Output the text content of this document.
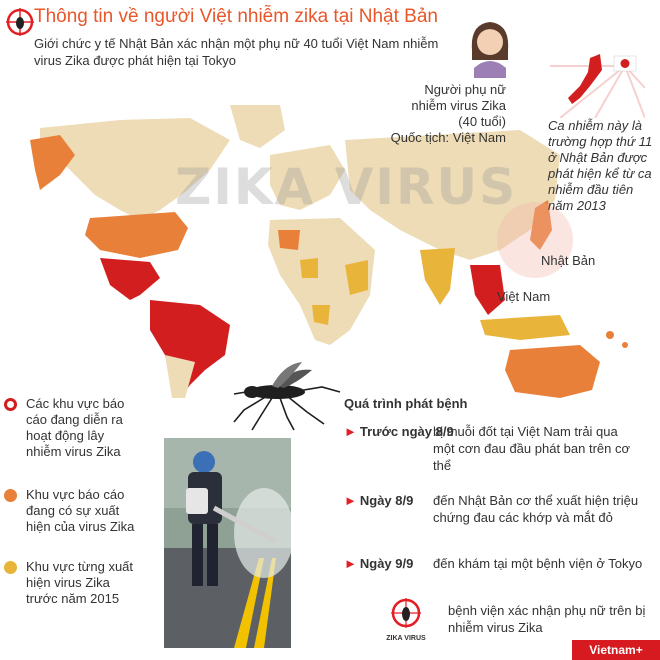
Thông tin về người Việt nhiễm zika tại Nhật Bản
Giới chức y tế Nhật Bản xác nhận một phụ nữ 40 tuổi Việt Nam nhiễm virus Zika được phát hiện tại Tokyo
ZIKA VIRUS
Nhật Bản
Việt Nam
Người phụ nữ
nhiễm virus Zika
(40 tuổi)
Quốc tịch: Việt Nam
Ca nhiễm này là trường hợp thứ 11 ở Nhật Bản được phát hiện kể từ ca nhiễm đầu tiên năm 2013
Các khu vực báo cáo đang diễn ra hoạt động lây nhiễm virus Zika
Khu vực báo cáo đang có sự xuất hiện của virus Zika
Khu vực từng xuất hiện virus Zika trước năm 2015
Quá trình phát bệnh
► Trước ngày 8/9
bị muỗi đốt tại Việt Nam trải qua một cơn đau đầu phát ban trên cơ thể
► Ngày 8/9 đến Nhật Bản cơ thể xuất hiện triệu chứng đau các khớp và mắt đỏ
► Ngày 9/9 đến khám tại một bệnh viện ở Tokyo
ZIKA VIRUS
bệnh viện xác nhận phụ nữ trên bị nhiễm virus Zika
Vietnam+
